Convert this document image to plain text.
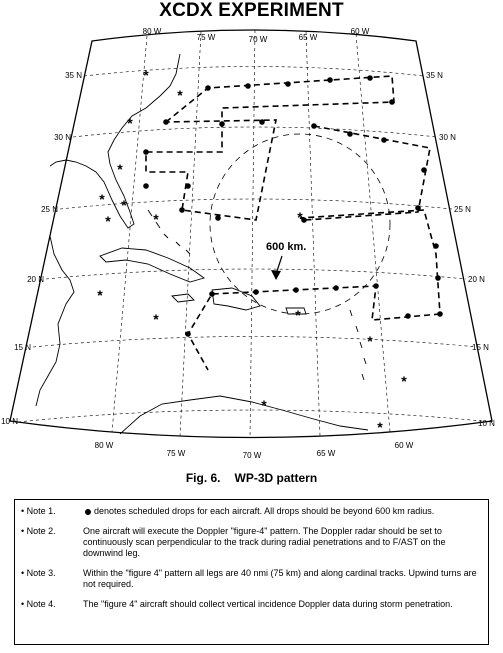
XCDX EXPERIMENT
*
*
*
*
* *
*	*
*
*	*
*
*
*
*
*
600 km.
80 W
75 W	70 W	65 W
60 W
80 W
75 W	70 W	65 W
60 W
35 N
30 N
25 N
20 N
15 N
10 N
35 N
30 N
25 N
20 N
15 N
10 N
Fig. 6. WP-3D pattern
• Note 1.	denotes scheduled drops for each aircraft. All drops should be beyond 600 km radius.
• Note 2.	One aircraft will execute the Doppler "figure-4" pattern. The Doppler radar should be set to continuously scan perpendicular to the track during radial penetrations and to F/AST on the downwind leg.
• Note 3.	Within the "figure 4" pattern all legs are 40 nmi (75 km) and along cardinal tracks. Upwind turns are not required.
• Note 4.	The "figure 4" aircraft should collect vertical incidence Doppler data during storm penetration.
